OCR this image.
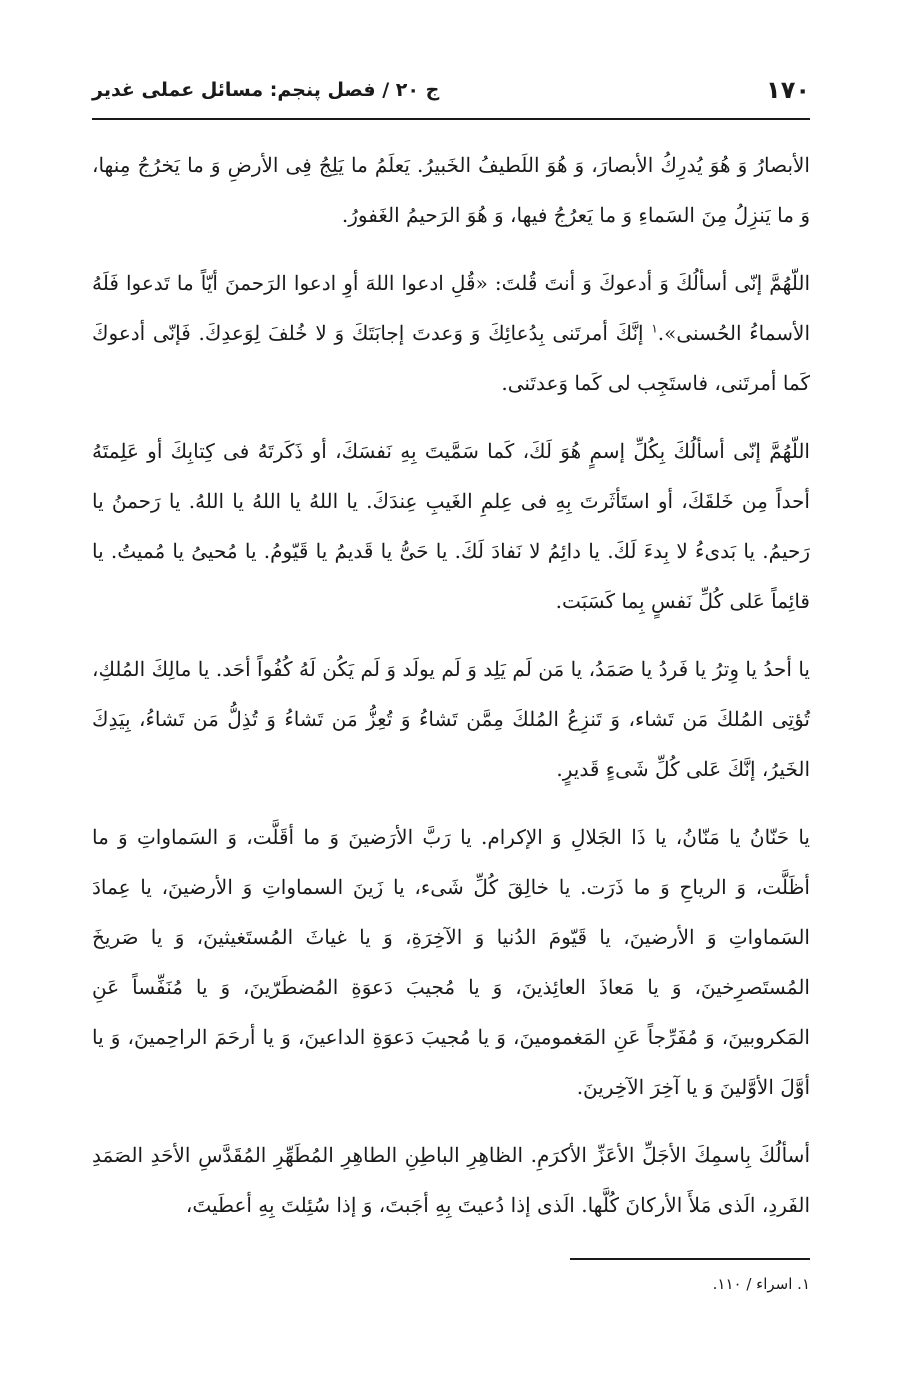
۱۷۰
ج ۲۰ / فصل پنجم: مسائل عملی غدیر

الأبصارُ وَ هُوَ يُدرِكُ الأبصارَ، وَ هُوَ اللَطيفُ الخَبيرُ. يَعلَمُ ما يَلِجُ فِى الأرضِ وَ ما يَخرُجُ مِنها، وَ ما يَنزِلُ مِنَ السَماءِ وَ ما يَعرُجُ فيها، وَ هُوَ الرَحيمُ الغَفورُ.

اللّهُمَّ إنّى أسألُكَ وَ أدعوكَ وَ أنتَ قُلتَ: «قُلِ ادعوا اللهَ أوِ ادعوا الرَحمنَ أيّاً ما تَدعوا فَلَهُ الأسماءُ الحُسنى».$^۱$ إنَّكَ أمرتَنى بِدُعائِكَ وَ وَعدتَ إجابَتَكَ وَ لا خُلفَ لِوَعدِكَ. فَإنّى أدعوكَ كَما أمرتَنى، فاستَجِب لى كَما وَعدتَنى.

اللّهُمَّ إنّى أسألُكَ بِكُلِّ إسمٍ هُوَ لَكَ، كَما سَمَّيتَ بِهِ نَفسَكَ، أو ذَكَرتَهُ فى كِتابِكَ أو عَلِمتَهُ أحداً مِن خَلقَكَ، أو استَأثَرتَ بِهِ فى عِلمِ الغَيبِ عِندَكَ. يا اللهُ يا اللهُ يا اللهُ. يا رَحمنُ يا رَحيمُ. يا بَدىءُ لا بِدءَ لَكَ. يا دائِمُ لا نَفادَ لَكَ. يا حَىُّ يا قَديمُ يا قَيّومُ. يا مُحيىُ يا مُميتُ. يا قائِماً عَلى كُلِّ نَفسٍ بِما كَسَبَت.

يا أحدُ يا وِترُ يا فَردُ يا صَمَدُ، يا مَن لَم يَلِد وَ لَم يولَد وَ لَم يَكُن لَهُ كُفُواً أحَد. يا مالِكَ المُلكِ، تُؤتِى المُلكَ مَن تَشاء، وَ تَنزِعُ المُلكَ مِمَّن تَشاءُ وَ تُعِزُّ مَن تَشاءُ وَ تُذِلُّ مَن تَشاءُ، بِيَدِكَ الخَيرُ، إنَّكَ عَلى كُلِّ شَىءٍ قَديرٍ.

يا حَنّانُ يا مَنّانُ، يا ذَا الجَلالِ وَ الإكرام. يا رَبَّ الأرَضينَ وَ ما أقَلَّت، وَ السَماواتِ وَ ما أظَلَّت، وَ الرياحِ وَ ما ذَرَت. يا خالِقَ كُلِّ شَىء، يا زَينَ السماواتِ وَ الأرضينَ، يا عِمادَ السَماواتِ وَ الأرضينَ، يا قَيّومَ الدُنيا وَ الآخِرَةِ، وَ يا غياثَ المُستَغيثينَ، وَ يا صَريخَ المُستَصرِخينَ، وَ يا مَعاذَ العائِذينَ، وَ يا مُجيبَ دَعوَةِ المُضطَرّينَ، وَ يا مُنَفِّساً عَنِ المَكروبينَ، وَ مُفَرِّجاً عَنِ المَغمومينَ، وَ يا مُجيبَ دَعوَةِ الداعينَ، وَ يا أرحَمَ الراحِمينَ، وَ يا أوَّلَ الأوَّلينَ وَ يا آخِرَ الآخِرينَ.

أسألُكَ بِاسمِكَ الأجَلِّ الأعَزِّ الأكرَمِ. الظاهِرِ الباطِنِ الطاهِرِ المُطَهِّرِ المُقَدَّسِ الأحَدِ الصَمَدِ الفَردِ، الَذى مَلأَ الأركانَ كُلَّها. الَذى إذا دُعيتَ بِهِ أجَبتَ، وَ إذا سُئِلتَ بِهِ أعطَيتَ،

۱. اسراء / ۱۱۰.
